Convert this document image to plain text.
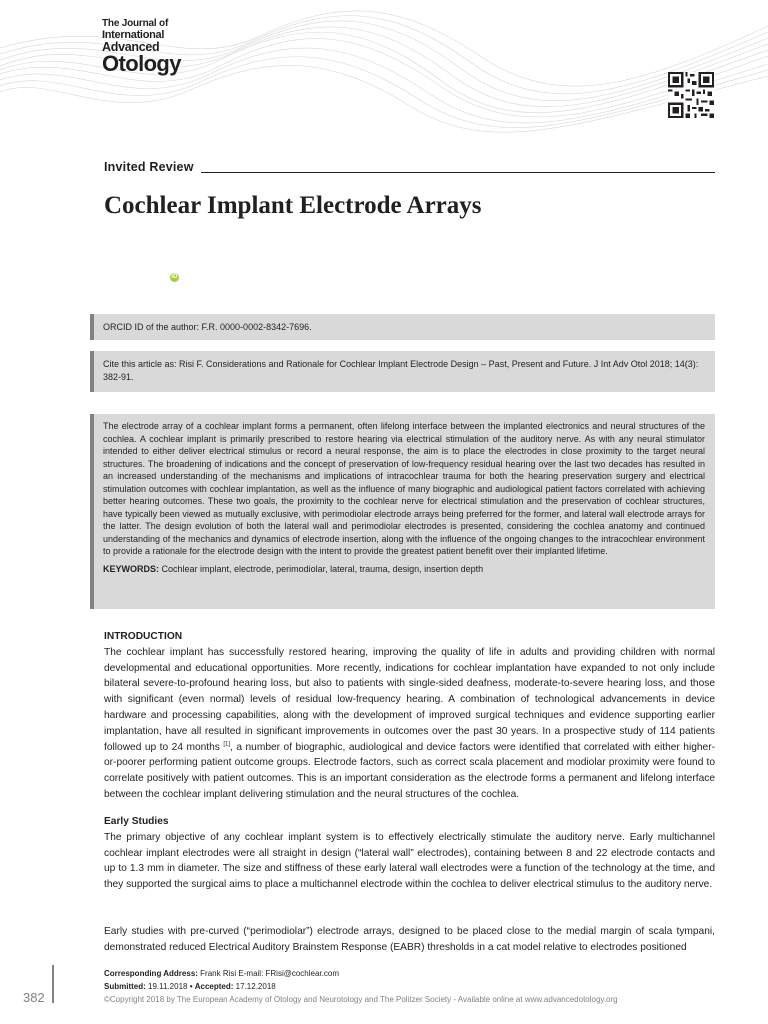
The Journal of
International
Advanced
Otology
Invited Review
Cochlear Implant Electrode Arrays
iD
ORCID ID of the author: F.R. 0000-0002-8342-7696.
Cite this article as: Risi F. Considerations and Rationale for Cochlear Implant Electrode Design – Past, Present and Future. J Int Adv Otol 2018; 14(3): 382-91.

The electrode array of a cochlear implant forms a permanent, often lifelong interface between the implanted electronics and neural structures of the cochlea. A cochlear implant is primarily prescribed to restore hearing via electrical stimulation of the auditory nerve. As with any neural stimulator intended to either deliver electrical stimulus or record a neural response, the aim is to place the electrodes in close proximity to the target neural structures. The broadening of indications and the concept of preservation of low-frequency residual hearing over the last two decades has resulted in an increased understanding of the mechanisms and implications of intracochlear trauma for both the hearing preservation surgery and electrical stimulation outcomes with cochlear implantation, as well as the influence of many biographic and audiological patient factors correlated with achieving better hearing outcomes. These two goals, the proximity to the cochlear nerve for electrical stimulation and the preservation of cochlear structures, have typically been viewed as mutually exclusive, with perimodiolar electrode arrays being preferred for the former, and lateral wall electrode arrays for the latter. The design evolution of both the lateral wall and perimodiolar electrodes is presented, considering the cochlea anatomy and continued understanding of the mechanics and dynamics of electrode insertion, along with the influence of the ongoing changes to the intracochlear environment to provide a rationale for the electrode design with the intent to provide the greatest patient benefit over their implanted lifetime.

KEYWORDS: Cochlear implant, electrode, perimodiolar, lateral, trauma, design, insertion depth

INTRODUCTION

The cochlear implant has successfully restored hearing, improving the quality of life in adults and providing children with normal developmental and educational opportunities. More recently, indications for cochlear implantation have expanded to not only include bilateral severe-to-profound hearing loss, but also to patients with single-sided deafness, moderate-to-severe hearing loss, and those with significant (even normal) levels of residual low-frequency hearing. A combination of technological advancements in device hardware and processing capabilities, along with the development of improved surgical techniques and evidence supporting earlier implantation, have all resulted in significant improvements in outcomes over the past 30 years. In a prospective study of 114 patients followed up to 24 months [1], a number of biographic, audiological and device factors were identified that correlated with either higher- or-poorer performing patient outcome groups. Electrode factors, such as correct scala placement and modiolar proximity were found to correlate positively with patient outcomes. This is an important consideration as the electrode forms a permanent and lifelong interface between the cochlear implant delivering stimulation and the neural structures of the cochlea.

Early Studies

The primary objective of any cochlear implant system is to effectively electrically stimulate the auditory nerve. Early multichannel cochlear implant electrodes were all straight in design (“lateral wall” electrodes), containing between 8 and 22 electrode contacts and up to 1.3 mm in diameter. The size and stiffness of these early lateral wall electrodes were a function of the technology at the time, and they supported the surgical aims to place a multichannel electrode within the cochlea to deliver electrical stimulus to the auditory nerve.

Early studies with pre-curved (“perimodiolar”) electrode arrays, designed to be placed close to the medial margin of scala tympani, demonstrated reduced Electrical Auditory Brainstem Response (EABR) thresholds in a cat model relative to electrodes positioned

382
Corresponding Address: Frank Risi E-mail: FRisi@cochlear.com
Submitted: 19.11.2018 • Accepted: 17.12.2018
©Copyright 2018 by The European Academy of Otology and Neurotology and The Politzer Society - Available online at www.advancedotology.org
